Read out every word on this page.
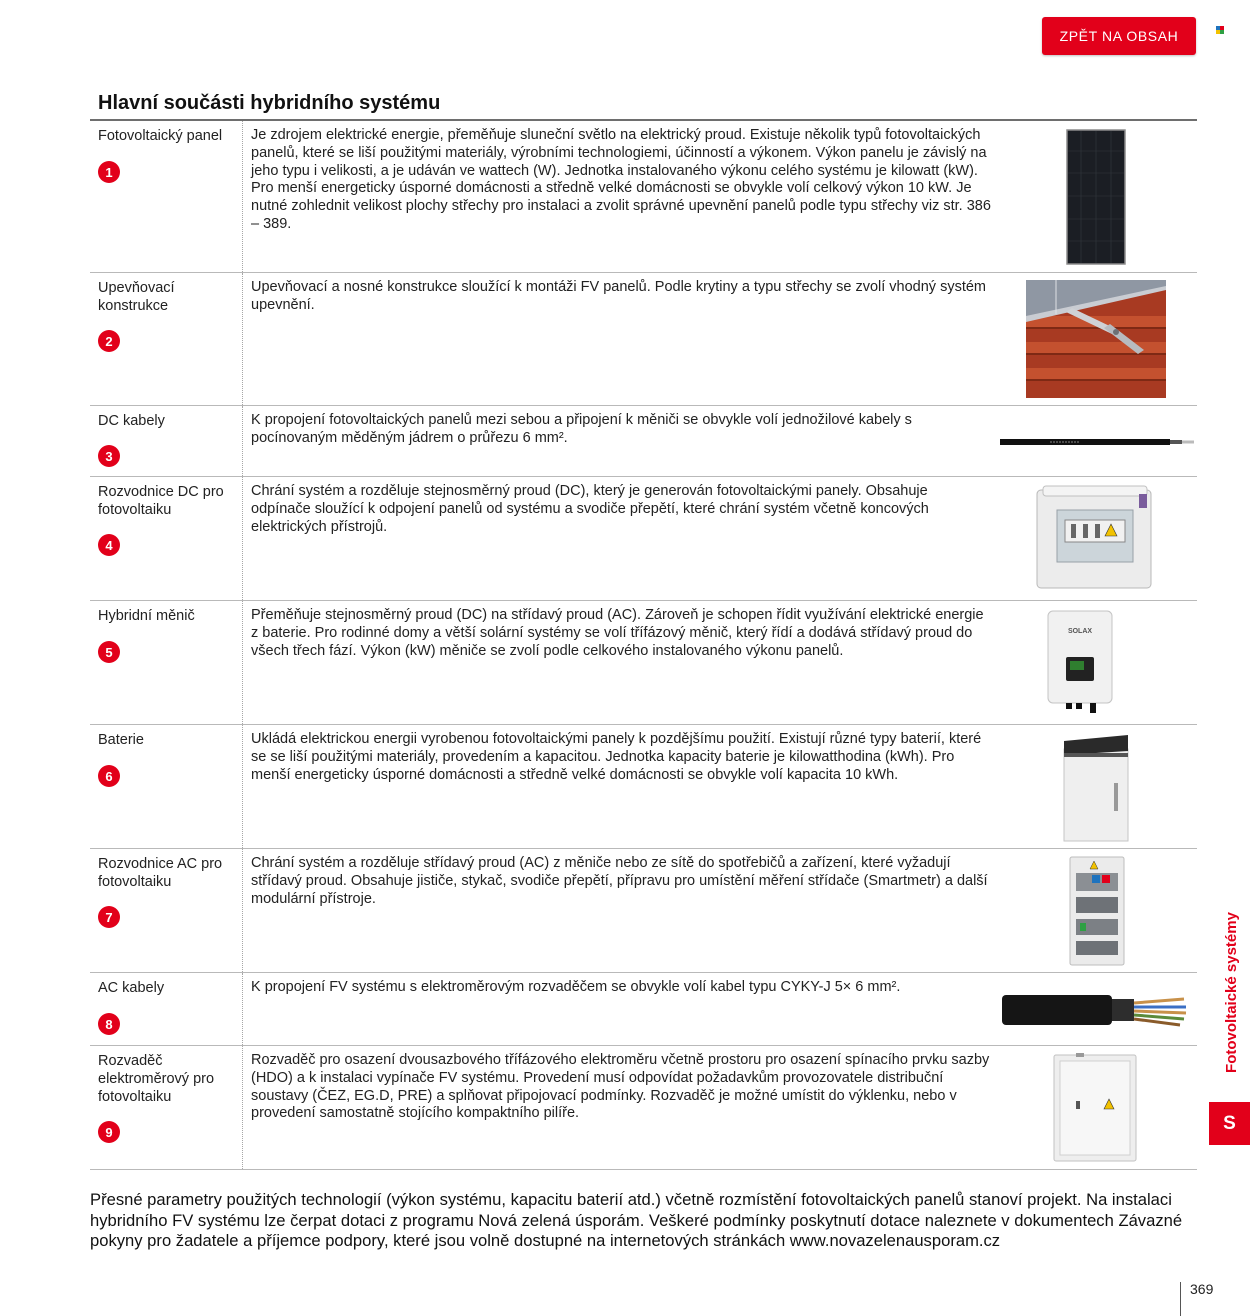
ZPĚT NA OBSAH
Hlavní součásti hybridního systému
Fotovoltaický panel
1
Je zdrojem elektrické energie, přeměňuje sluneční světlo na elektrický proud. Existuje několik typů fotovoltaických panelů, které se liší použitými materiály, výrobními technologiemi, účinností a výkonem. Výkon panelu je závislý na jeho typu i velikosti, a je udáván ve wattech (W). Jednotka instalovaného výkonu celého systému je kilowatt (kW). Pro menší energeticky úsporné domácnosti a středně velké domácnosti se obvykle volí celkový výkon 10 kW. Je nutné zohlednit velikost plochy střechy pro instalaci a zvolit správné upevnění panelů podle typu střechy viz str. 386 – 389.
Upevňovací konstrukce
2
Upevňovací a nosné konstrukce sloužící k montáži FV panelů. Podle krytiny a typu střechy se zvolí vhodný systém upevnění.
DC kabely
3
K propojení fotovoltaických panelů mezi sebou a připojení k měniči se obvykle volí jednožilové kabely s pocínovaným měděným jádrem o průřezu 6 mm².
Rozvodnice DC pro fotovoltaiku
4
Chrání systém a rozděluje stejnosměrný proud (DC), který je generován fotovoltaickými panely. Obsahuje odpínače sloužící k odpojení panelů od systému a svodiče přepětí, které chrání systém včetně koncových elektrických přístrojů.
Hybridní měnič
5
Přeměňuje stejnosměrný proud (DC) na střídavý proud (AC). Zároveň je schopen řídit využívání elektrické energie z baterie. Pro rodinné domy a větší solární systémy se volí třífázový měnič, který řídí a dodává střídavý proud do všech třech fází. Výkon (kW) měniče se zvolí podle celkového instalovaného výkonu panelů.
SOLAX
Baterie
6
Ukládá elektrickou energii vyrobenou fotovoltaickými panely k pozdějšímu použití. Existují různé typy baterií, které se se liší použitými materiály, provedením a kapacitou. Jednotka kapacity baterie je kilowatthodina (kWh). Pro menší energeticky úsporné domácnosti a středně velké domácnosti se obvykle volí kapacita 10 kWh.
Rozvodnice AC pro fotovoltaiku
7
Chrání systém a rozděluje střídavý proud (AC) z měniče nebo ze sítě do spotřebičů a zařízení, které vyžadují střídavý proud. Obsahuje jističe, stykač, svodiče přepětí, přípravu pro umístění měření střídače (Smartmetr) a další modulární přístroje.
AC kabely
8
K propojení FV systému s elektroměrovým rozvaděčem se obvykle volí kabel typu CYKY-J 5× 6 mm².
Rozvaděč elektroměrový pro fotovoltaiku
9
Rozvaděč pro osazení dvousazbového třífázového elektroměru včetně prostoru pro osazení spínacího prvku sazby (HDO) a k instalaci vypínače FV systému. Provedení musí odpovídat požadavkům provozovatele distribuční soustavy (ČEZ, EG.D, PRE) a splňovat připojovací podmínky. Rozvaděč je možné umístit do výklenku, nebo v provedení samostatně stojícího kompaktního pilíře.

Přesné parametry použitých technologií (výkon systému, kapacitu baterií atd.) včetně rozmístění fotovoltaických panelů stanoví projekt. Na instalaci hybridního FV systému lze čerpat dotaci z programu Nová zelená úsporám. Veškeré podmínky poskytnutí dotace naleznete v dokumentech Závazné pokyny pro žadatele a příjemce podpory, které jsou volně dostupné na internetových stránkách www.novazelenausporam.cz

Fotovoltaické systémy
S
369
